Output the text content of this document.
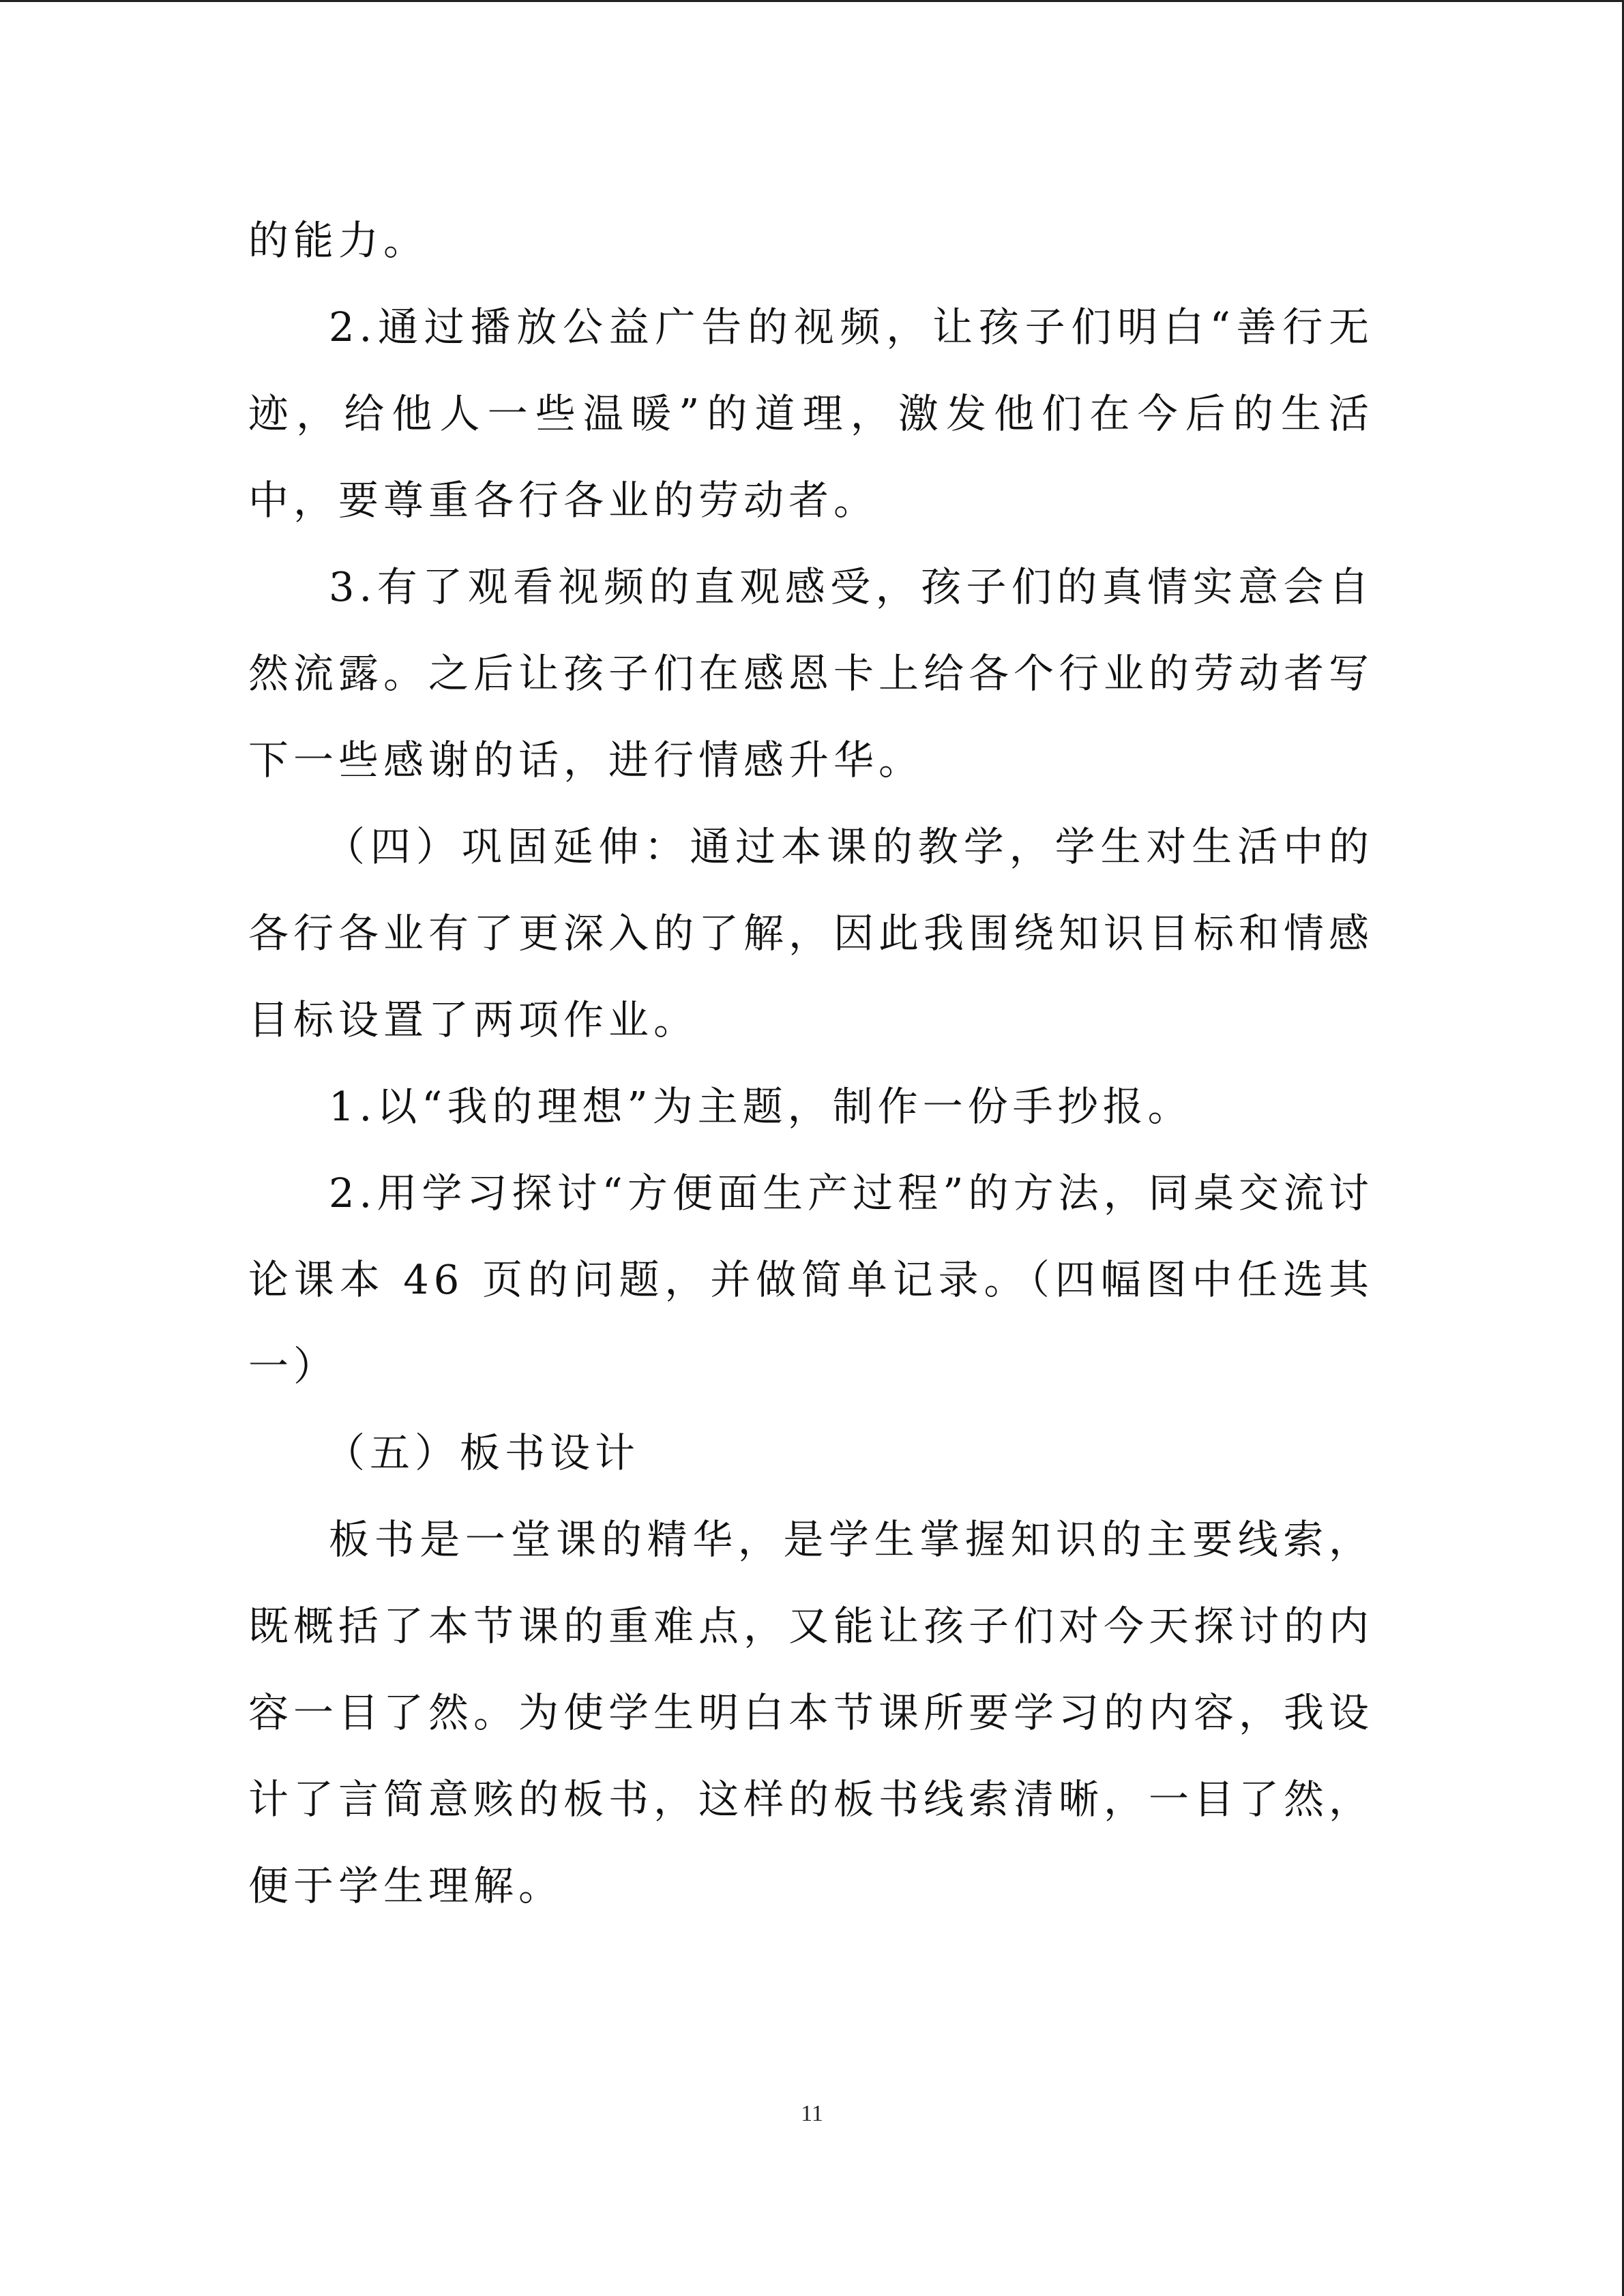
的能力。

2.通过播放公益广告的视频，让孩子们明白“善行无迹，给他人一些温暖”的道理，激发他们在今后的生活中，要尊重各行各业的劳动者。

3.有了观看视频的直观感受，孩子们的真情实意会自然流露。之后让孩子们在感恩卡上给各个行业的劳动者写下一些感谢的话，进行情感升华。

（四）巩固延伸：通过本课的教学，学生对生活中的各行各业有了更深入的了解，因此我围绕知识目标和情感目标设置了两项作业。

1.以“我的理想”为主题，制作一份手抄报。

2.用学习探讨“方便面生产过程”的方法，同桌交流讨论课本 46 页的问题，并做简单记录。（四幅图中任选其一）

（五）板书设计

板书是一堂课的精华，是学生掌握知识的主要线索，既概括了本节课的重难点，又能让孩子们对今天探讨的内容一目了然。为使学生明白本节课所要学习的内容，我设计了言简意赅的板书，这样的板书线索清晰，一目了然，便于学生理解。

11
